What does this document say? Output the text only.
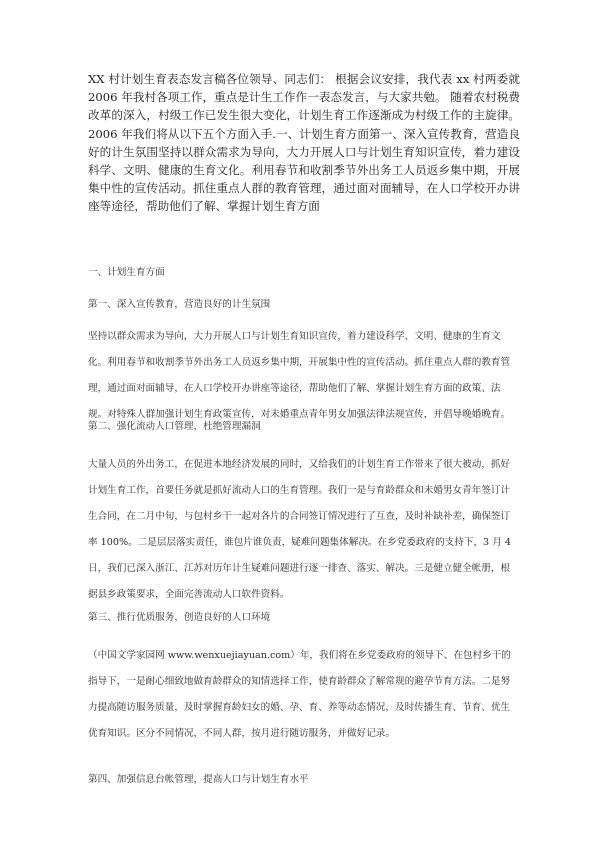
XX 村计划生育表态发言稿各位领导、同志们： 根据会议安排，我代表 xx 村两委就 2006 年我村各项工作，重点是计生工作作一表态发言，与大家共勉。 随着农村税费改革的深入，村级工作已发生很大变化，计划生育工作逐渐成为村级工作的主旋律。2006 年我们将从以下五个方面入手.一、计划生育方面第一、深入宣传教育，营造良好的计生氛围坚持以群众需求为导向，大力开展人口与计划生育知识宣传，着力建设科学、文明、健康的生育文化。利用春节和收割季节外出务工人员返乡集中期，开展集中性的宣传活动。抓住重点人群的教育管理，通过面对面辅导，在人口学校开办讲座等途径，帮助他们了解、掌握计划生育方面

一、计划生育方面

第一、深入宣传教育，营造良好的计生氛围

坚持以群众需求为导向，大力开展人口与计划生育知识宣传，着力建设科学、文明、健康的生育文化。利用春节和收割季节外出务工人员返乡集中期，开展集中性的宣传活动。抓住重点人群的教育管理，通过面对面辅导，在人口学校开办讲座等途径，帮助他们了解、掌握计划生育方面的政策、法规。对特殊人群加强计划生育政策宣传，对未婚重点青年男女加强法律法规宣传，并倡导晚婚晚育。

第二、强化流动人口管理，杜绝管理漏洞

大量人员的外出务工，在促进本地经济发展的同时，又给我们的计划生育工作带来了很大被动，抓好计划生育工作，首要任务就是抓好流动人口的生育管理。我们一是与育龄群众和未婚男女青年签订计生合同，在二月中旬，与包村乡干一起对各片的合同签订情况进行了互查，及时补缺补差，确保签订率 100%。二是层层落实责任，谁包片谁负责，疑难问题集体解决。在乡党委政府的支持下，3 月 4 日，我们已深入浙江、江苏对历年计生疑难问题进行逐一排查、落实、解决。三是健立健全帐册，根据县乡政策要求，全面完善流动人口软件资料。

第三、推行优质服务，创造良好的人口环境

（中国文学家园网 www.wenxuejiayuan.com）年，我们将在乡党委政府的领导下、在包村乡干的指导下，一是耐心细致地做育龄群众的知情选择工作，使育龄群众了解常规的避孕节育方法。二是努力提高随访服务质量，及时掌握育龄妇女的婚、孕、育、养等动态情况，及时传播生育、节育、优生优育知识。区分不同情况，不同人群，按月进行随访服务，并做好记录。

第四、加强信息台帐管理，提高人口与计划生育水平
